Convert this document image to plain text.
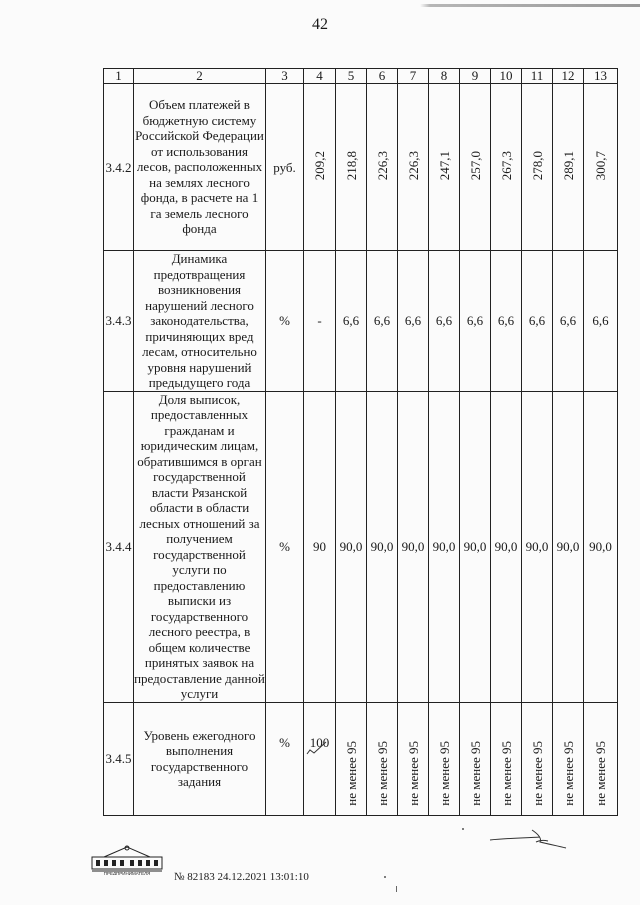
42
1	2	3	4	5	6	7	8	9	10	11	12	13
3.4.2	Объем платежей в бюджетную систему Российской Федерации от использования лесов, расположенных на землях лесного фонда, в расчете на 1 га земель лесного фонда	руб.	209,2	218,8	226,3	226,3	247,1	257,0	267,3	278,0	289,1	300,7
3.4.3	Динамика предотвращения возникновения нарушений лесного законодательства, причиняющих вред лесам, относительно уровня нарушений предыдущего года	%	-	6,6	6,6	6,6	6,6	6,6	6,6	6,6	6,6	6,6
3.4.4	Доля выписок, предоставленных гражданам и юридическим лицам, обратившимся в орган государственной власти Рязанской области в области лесных отношений за получением государственной услуги по предоставлению выписки из государственного лесного реестра, в общем количестве принятых заявок на предоставление данной услуги	%	90	90,0	90,0	90,0	90,0	90,0	90,0	90,0	90,0	90,0
3.4.5	Уровень ежегодного выполнения государственного задания	%	100	не менее 95	не менее 95	не менее 95	не менее 95	не менее 95	не менее 95	не менее 95	не менее 95	не менее 95
ПРЕДПРИНИМАТЕЛЯ № 82183 24.12.2021 13:01:10
